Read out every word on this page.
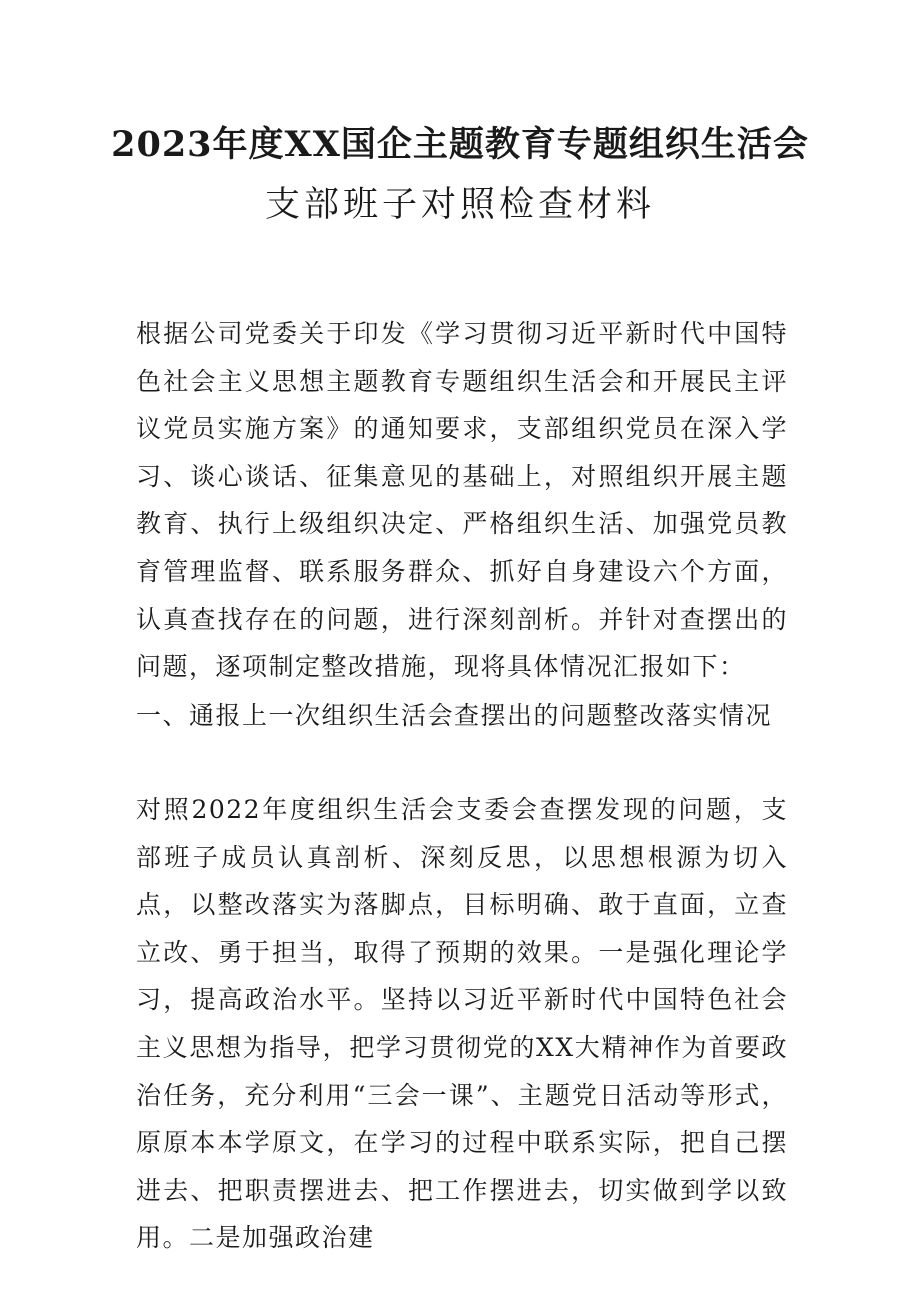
2023年度XX国企主题教育专题组织生活会
支部班子对照检查材料

根据公司党委关于印发《学习贯彻习近平新时代中国特色社会主义思想主题教育专题组织生活会和开展民主评议党员实施方案》的通知要求，支部组织党员在深入学习、谈心谈话、征集意见的基础上，对照组织开展主题教育、执行上级组织决定、严格组织生活、加强党员教育管理监督、联系服务群众、抓好自身建设六个方面，认真查找存在的问题，进行深刻剖析。并针对查摆出的问题，逐项制定整改措施，现将具体情况汇报如下：

一、通报上一次组织生活会查摆出的问题整改落实情况

对照2022年度组织生活会支委会查摆发现的问题，支部班子成员认真剖析、深刻反思，以思想根源为切入点，以整改落实为落脚点，目标明确、敢于直面，立查立改、勇于担当，取得了预期的效果。一是强化理论学习，提高政治水平。坚持以习近平新时代中国特色社会主义思想为指导，把学习贯彻党的XX大精神作为首要政治任务，充分利用“三会一课”、主题党日活动等形式，原原本本学原文，在学习的过程中联系实际，把自己摆进去、把职责摆进去、把工作摆进去，切实做到学以致用。二是加强政治建
